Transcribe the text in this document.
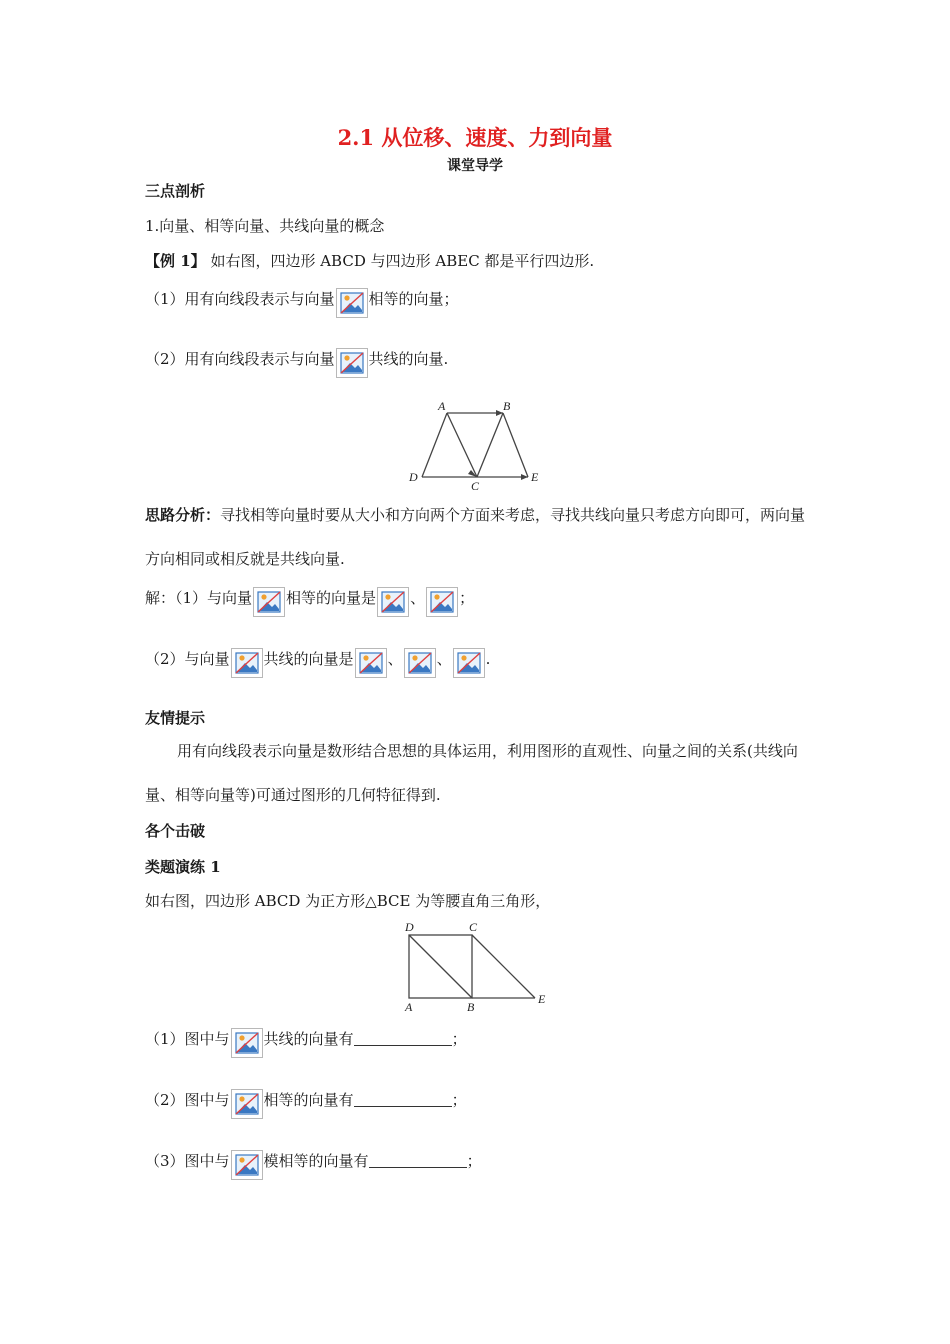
2.1 从位移、速度、力到向量
课堂导学
三点剖析
1.向量、相等向量、共线向量的概念
【例 1】 如右图，四边形 ABCD 与四边形 ABEC 都是平行四边形.
（1）用有向线段表示与向量 相等的向量；
（2）用有向线段表示与向量 共线的向量.
A	B
C
D	E
思路分析：寻找相等向量时要从大小和方向两个方面来考虑，寻找共线向量只考虑方向即可，两向量方向相同或相反就是共线向量.
解：（1）与向量 相等的向量是 、 ；
（2）与向量 共线的向量是 、 、 .
友情提示
用有向线段表示向量是数形结合思想的具体运用，利用图形的直观性、向量之间的关系(共线向量、相等向量等)可通过图形的几何特征得到.
各个击破
类题演练 1
如右图，四边形 ABCD 为正方形△BCE 为等腰直角三角形，
D	C
A	B
E
（1）图中与 共线的向量有	；
（2）图中与 相等的向量有	；
（3）图中与 模相等的向量有	；
